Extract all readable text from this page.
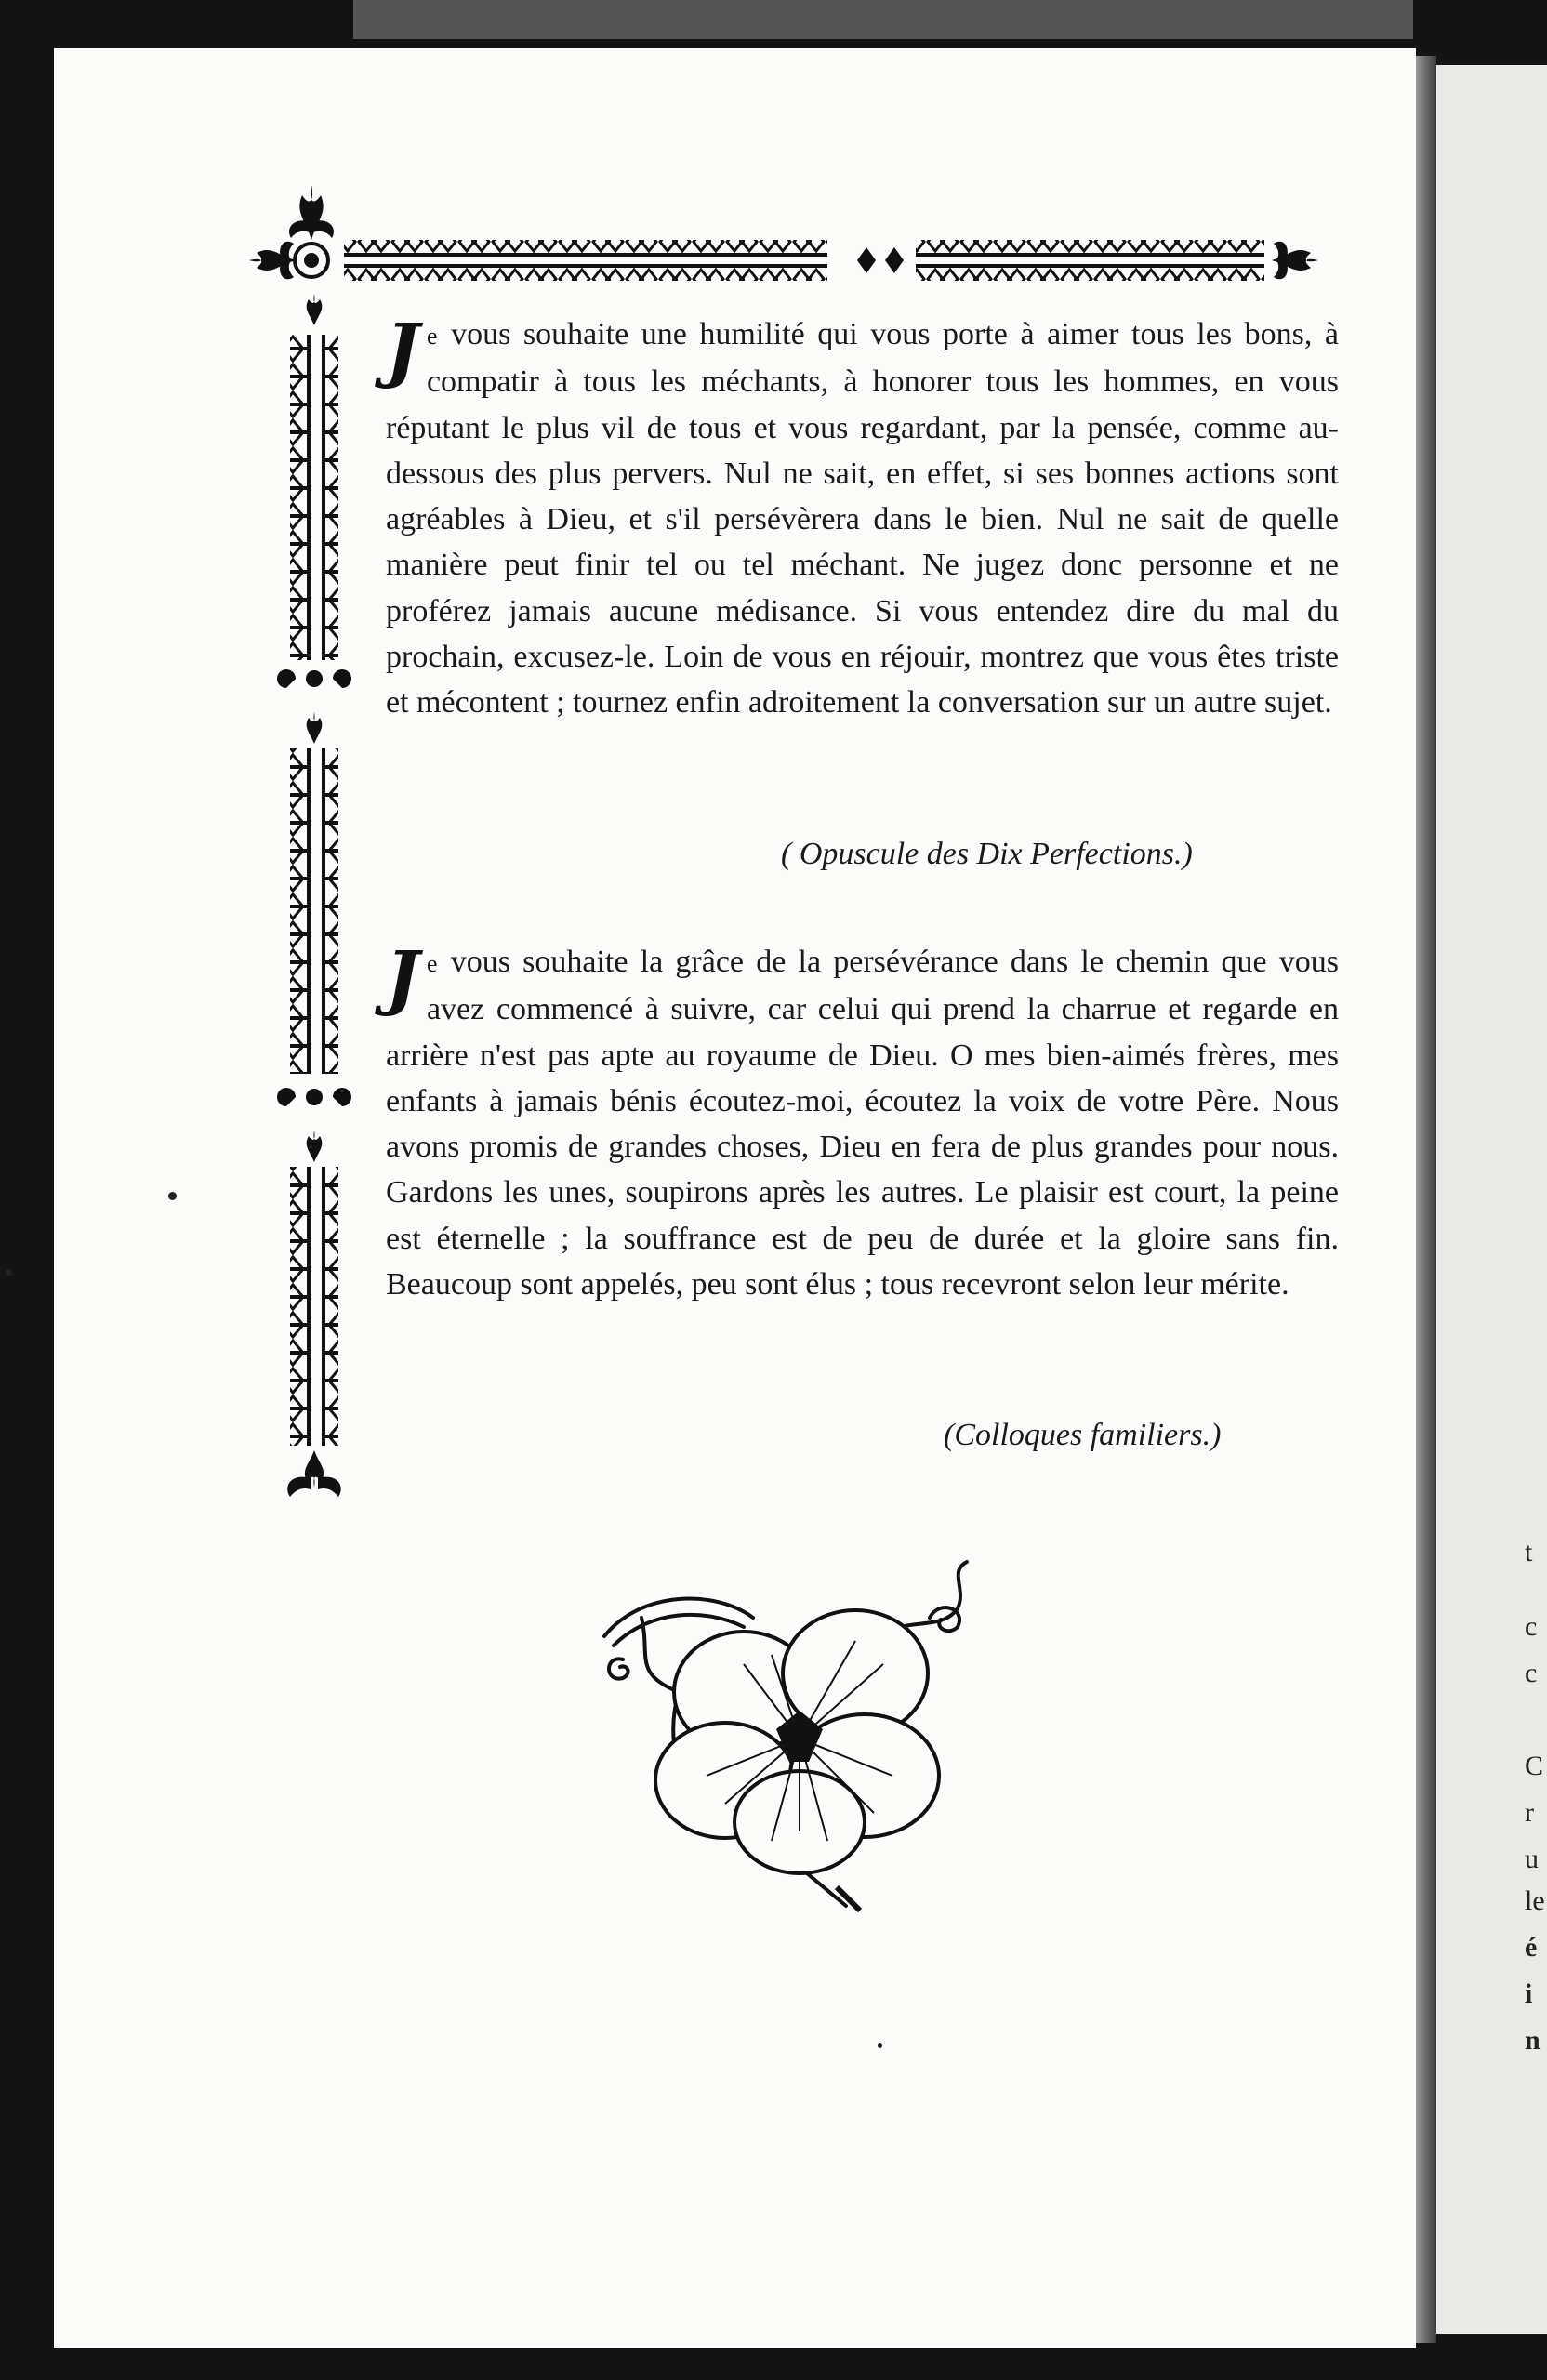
t
c
c
C
r
u
le
é
i
n

Je vous souhaite une humilité qui vous porte à aimer tous les bons, à compatir à tous les méchants, à honorer tous les hommes, en vous réputant le plus vil de tous et vous regardant, par la pensée, comme au-dessous des plus pervers. Nul ne sait, en effet, si ses bonnes actions sont agréables à Dieu, et s'il persévèrera dans le bien. Nul ne sait de quelle manière peut finir tel ou tel méchant. Ne jugez donc personne et ne proférez jamais aucune médisance. Si vous entendez dire du mal du prochain, excusez-le. Loin de vous en réjouir, montrez que vous êtes triste et mécontent ; tournez enfin adroitement la conversation sur un autre sujet.

( Opuscule des Dix Perfections.)

Je vous souhaite la grâce de la persévérance dans le chemin que vous avez commencé à suivre, car celui qui prend la charrue et regarde en arrière n'est pas apte au royaume de Dieu. O mes bien-aimés frères, mes enfants à jamais bénis écoutez-moi, écoutez la voix de votre Père. Nous avons promis de grandes choses, Dieu en fera de plus grandes pour nous. Gardons les unes, soupirons après les autres. Le plaisir est court, la peine est éternelle ; la souffrance est de peu de durée et la gloire sans fin. Beaucoup sont appelés, peu sont élus ; tous recevront selon leur mérite.

(Colloques familiers.)
